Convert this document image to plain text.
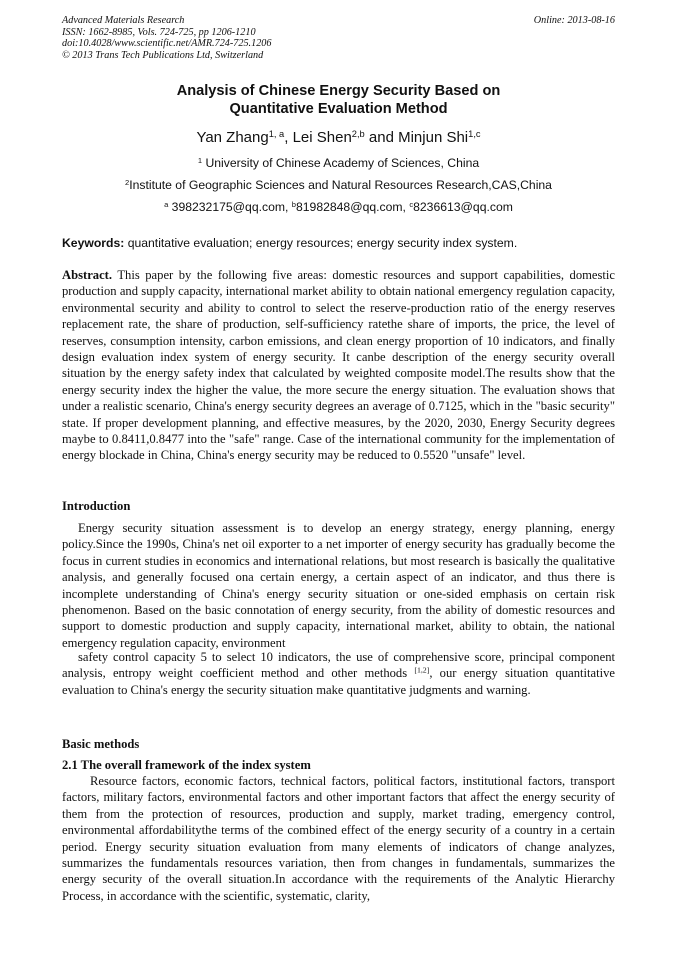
Advanced Materials Research
ISSN: 1662-8985, Vols. 724-725, pp 1206-1210
doi:10.4028/www.scientific.net/AMR.724-725.1206
© 2013 Trans Tech Publications Ltd, Switzerland
Online: 2013-08-16
Analysis of Chinese Energy Security Based on
Quantitative Evaluation Method
Yan Zhang$^{1, a}$, Lei Shen$^{2,b}$ and Minjun Shi$^{1,c}$
$^1$ University of Chinese Academy of Sciences, China
$^2$Institute of Geographic Sciences and Natural Resources Research,CAS,China
$^a$ 398232175@qq.com, $^b$81982848@qq.com, $^c$8236613@qq.com
Keywords: quantitative evaluation; energy resources; energy security index system.
Abstract. This paper by the following five areas: domestic resources and support capabilities, domestic production and supply capacity, international market ability to obtain national emergency regulation capacity, environmental security and ability to control to select the reserve-production ratio of the energy reserves replacement rate, the share of production, self-sufficiency ratethe share of imports, the price, the level of reserves, consumption intensity, carbon emissions, and clean energy proportion of 10 indicators, and finally design evaluation index system of energy security. It canbe description of the energy security overall situation by the energy safety index that calculated by weighted composite model.The results show that the energy security index the higher the value, the more secure the energy situation. The evaluation shows that under a realistic scenario, China's energy security degrees an average of 0.7125, which in the "basic security" state. If proper development planning, and effective measures, by the 2020, 2030, Energy Security degrees maybe to 0.8411,0.8477 into the "safe" range. Case of the international community for the implementation of energy blockade in China, China's energy security may be reduced to 0.5520 "unsafe" level.
Introduction
Energy security situation assessment is to develop an energy strategy, energy planning, energy policy.Since the 1990s, China's net oil exporter to a net importer of energy security has gradually become the focus in current studies in economics and international relations, but most research is basically the qualitative analysis, and generally focused ona certain energy, a certain aspect of an indicator, and thus there is incomplete understanding of China's energy security situation or one-sided emphasis on certain risk phenomenon. Based on the basic connotation of energy security, from the ability of domestic resources and support to domestic production and supply capacity, international market, ability to obtain, the national emergency regulation capacity, environment
safety control capacity 5 to select 10 indicators, the use of comprehensive score, principal component analysis, entropy weight coefficient method and other methods [1,2], our energy situation quantitative evaluation to China's energy the security situation make quantitative judgments and warning.
Basic methods
2.1 The overall framework of the index system
Resource factors, economic factors, technical factors, political factors, institutional factors, transport factors, military factors, environmental factors and other important factors that affect the energy security of them from the protection of resources, production and supply, market trading, emergency control, environmental affordabilitythe terms of the combined effect of the energy security of a country in a certain period. Energy security situation evaluation from many elements of indicators of change analyzes, summarizes the fundamentals resources variation, then from changes in fundamentals, summarizes the energy security of the overall situation.In accordance with the requirements of the Analytic Hierarchy Process, in accordance with the scientific, systematic, clarity,
